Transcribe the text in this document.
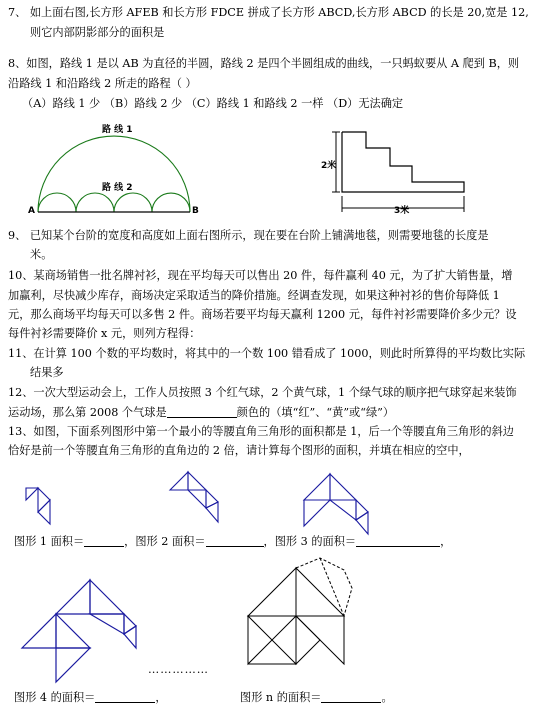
7、 如上面右图,长方形 AFEB 和长方形 FDCE 拼成了长方形 ABCD,长方形 ABCD 的长是 20,宽是 12,
则它内部阴影部分的面积是
8、如图，路线 1 是以 AB 为直径的半圆，路线 2 是四个半圆组成的曲线，一只蚂蚁要从 A 爬到 B，则
沿路线 1 和沿路线 2 所走的路程（ ）
（A）路线 1 少 （B）路线 2 少 （C）路线 1 和路线 2 一样 （D）无法确定
路 线 1
路 线 2
A	B
2米
3米
9、 已知某个台阶的宽度和高度如上面右图所示，现在要在台阶上铺满地毯，则需要地毯的长度是
米。
10、某商场销售一批名牌衬衫，现在平均每天可以售出 20 件，每件赢利 40 元，为了扩大销售量，增
加赢利，尽快减少库存，商场决定采取适当的降价措施。经调查发现，如果这种衬衫的售价每降低 1
元，那么商场平均每天可以多售 2 件。商场若要平均每天赢利 1200 元，每件衬衫需要降价多少元？设
每件衬衫需要降价 x 元，则列方程得：
11、在计算 100 个数的平均数时，将其中的一个数 100 错看成了 1000，则此时所算得的平均数比实际
结果多
12、一次大型运动会上，工作人员按照 3 个红气球，2 个黄气球，1 个绿气球的顺序把气球穿起来装饰
运动场，那么第 2008 个气球是	颜色的（填“红”、“黄”或“绿”）
13、如图，下面系列图形中第一个最小的等腰直角三角形的面积都是 1，后一个等腰直角三角形的斜边
恰好是前一个等腰直角三角形的直角边的 2 倍，请计算每个图形的面积，并填在相应的空中，
图形 1 面积＝	，图形 2 面积＝	，图形 3 的面积＝	，
……………
图形 4 的面积＝	，	图形 n 的面积＝	。
